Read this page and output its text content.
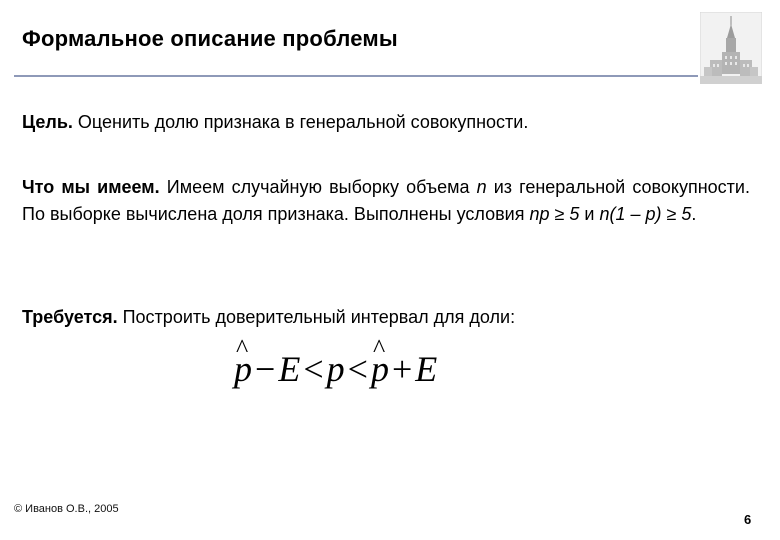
Формальное описание проблемы
Цель. Оценить долю признака в генеральной совокупности.
Что мы имеем. Имеем случайную выборку объема n из генеральной совокупности. По выборке вычислена доля признака. Выполнены условия np ≥ 5 и n(1 – p) ≥ 5.
Требуется. Построить доверительный интервал для доли:
^ p−E<p<^ p+E
© Иванов О.В., 2005
6
